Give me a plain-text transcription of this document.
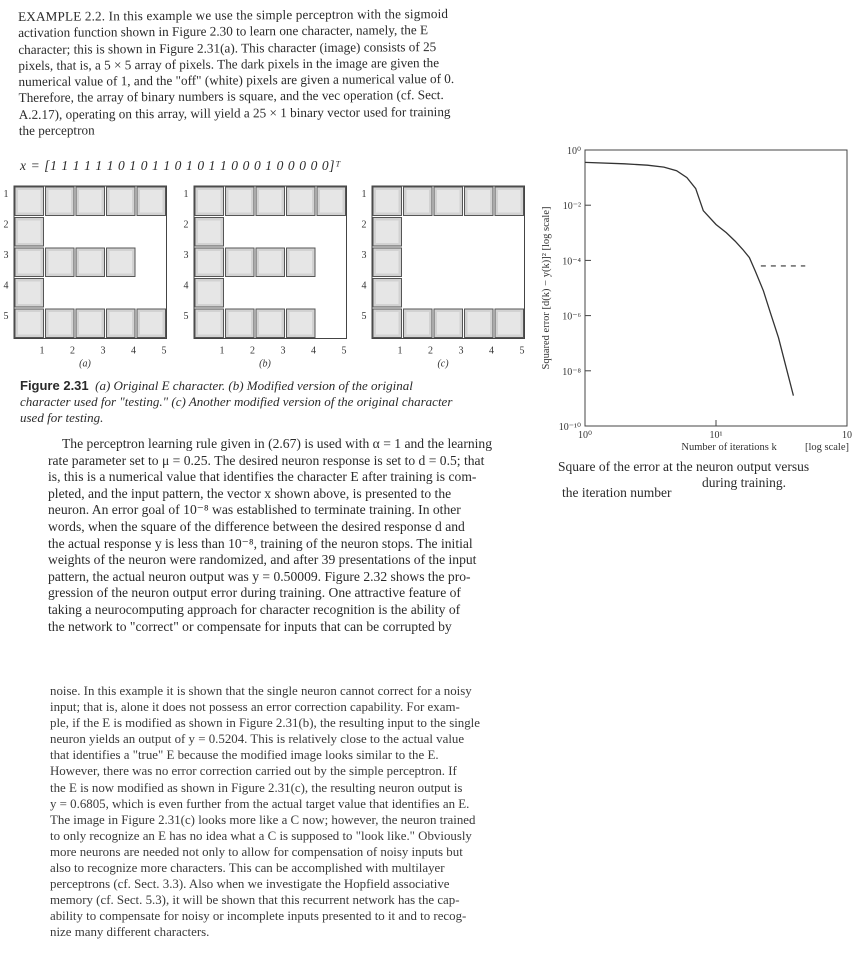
EXAMPLE 2.2. In this example we use the simple perceptron with the sigmoid
activation function shown in Figure 2.30 to learn one character, namely, the E
character; this is shown in Figure 2.31(a). This character (image) consists of 25
pixels, that is, a 5 × 5 array of pixels. The dark pixels in the image are given the
numerical value of 1, and the "off" (white) pixels are given a numerical value of 0.
Therefore, the array of binary numbers is square, and the vec operation (cf. Sect.
A.2.17), operating on this array, will yield a 25 × 1 binary vector used for training
the perceptron
x = [1 1 1 1 1 1 0 1 0 1 1 0 1 0 1 1 0 0 0 1 0 0 0 0 0]ᵀ
1
2
3
4
5
1	2	3	4	5
(a)
1
2
3
4
5
1	2	3	4	5
(b)
1
2
3
4
5
1	2	3	4	5
(c)
Figure 2.31 (a) Original E character. (b) Modified version of the original
character used for "testing." (c) Another modified version of the original character
used for testing.
10⁰
10⁻²
10⁻⁴
10⁻⁶
10⁻⁸
10⁻¹⁰
10⁰	10¹	10
Squared error [d(k) − y(k)]² [log scale]
Number of iterations k	[log scale]
Square of the error at the neuron output versus
the iteration number
during training.
The perceptron learning rule given in (2.67) is used with α = 1 and the learning
rate parameter set to μ = 0.25. The desired neuron response is set to d = 0.5; that
is, this is a numerical value that identifies the character E after training is com-
pleted, and the input pattern, the vector x shown above, is presented to the
neuron. An error goal of 10⁻⁸ was established to terminate training. In other
words, when the square of the difference between the desired response d and
the actual response y is less than 10⁻⁸, training of the neuron stops. The initial
weights of the neuron were randomized, and after 39 presentations of the input
pattern, the actual neuron output was y = 0.50009. Figure 2.32 shows the pro-
gression of the neuron output error during training. One attractive feature of
taking a neurocomputing approach for character recognition is the ability of
the network to "correct" or compensate for inputs that can be corrupted by
noise. In this example it is shown that the single neuron cannot correct for a noisy
input; that is, alone it does not possess an error correction capability. For exam-
ple, if the E is modified as shown in Figure 2.31(b), the resulting input to the single
neuron yields an output of y = 0.5204. This is relatively close to the actual value
that identifies a "true" E because the modified image looks similar to the E.
However, there was no error correction carried out by the simple perceptron. If
the E is now modified as shown in Figure 2.31(c), the resulting neuron output is
y = 0.6805, which is even further from the actual target value that identifies an E.
The image in Figure 2.31(c) looks more like a C now; however, the neuron trained
to only recognize an E has no idea what a C is supposed to "look like." Obviously
more neurons are needed not only to allow for compensation of noisy inputs but
also to recognize more characters. This can be accomplished with multilayer
perceptrons (cf. Sect. 3.3). Also when we investigate the Hopfield associative
memory (cf. Sect. 5.3), it will be shown that this recurrent network has the cap-
ability to compensate for noisy or incomplete inputs presented to it and to recog-
nize many different characters.
